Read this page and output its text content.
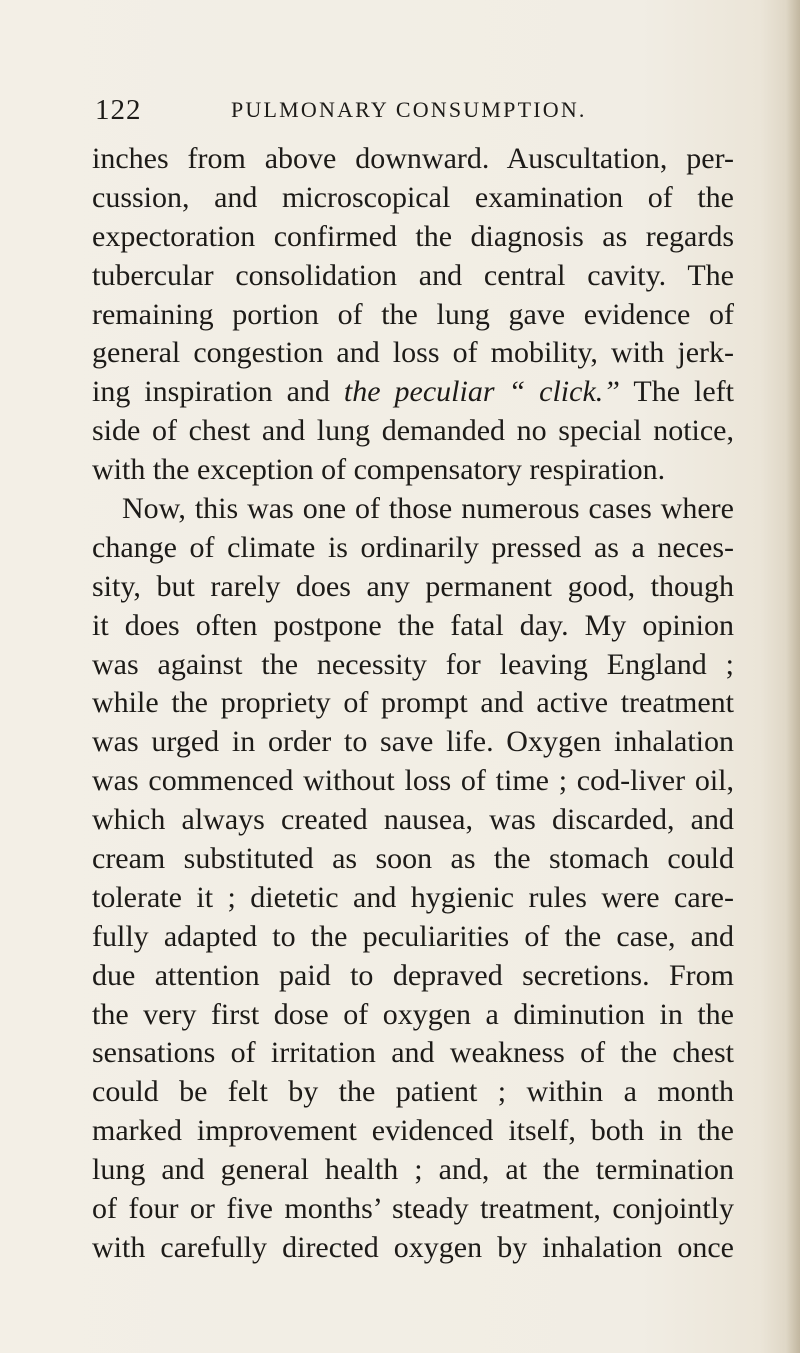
122	PULMONARY CONSUMPTION.
inches from above downward. Auscultation, per-
cussion, and microscopical examination of the
expectoration confirmed the diagnosis as regards
tubercular consolidation and central cavity. The
remaining portion of the lung gave evidence of
general congestion and loss of mobility, with jerk-
ing inspiration and the peculiar “ click.” The left
side of chest and lung demanded no special notice,
with the exception of compensatory respiration.
Now, this was one of those numerous cases where
change of climate is ordinarily pressed as a neces-
sity, but rarely does any permanent good, though
it does often postpone the fatal day. My opinion
was against the necessity for leaving England ;
while the propriety of prompt and active treatment
was urged in order to save life. Oxygen inhalation
was commenced without loss of time ; cod-liver oil,
which always created nausea, was discarded, and
cream substituted as soon as the stomach could
tolerate it ; dietetic and hygienic rules were care-
fully adapted to the peculiarities of the case, and
due attention paid to depraved secretions. From
the very first dose of oxygen a diminution in the
sensations of irritation and weakness of the chest
could be felt by the patient ; within a month
marked improvement evidenced itself, both in the
lung and general health ; and, at the termination
of four or five months’ steady treatment, conjointly
with carefully directed oxygen by inhalation once
